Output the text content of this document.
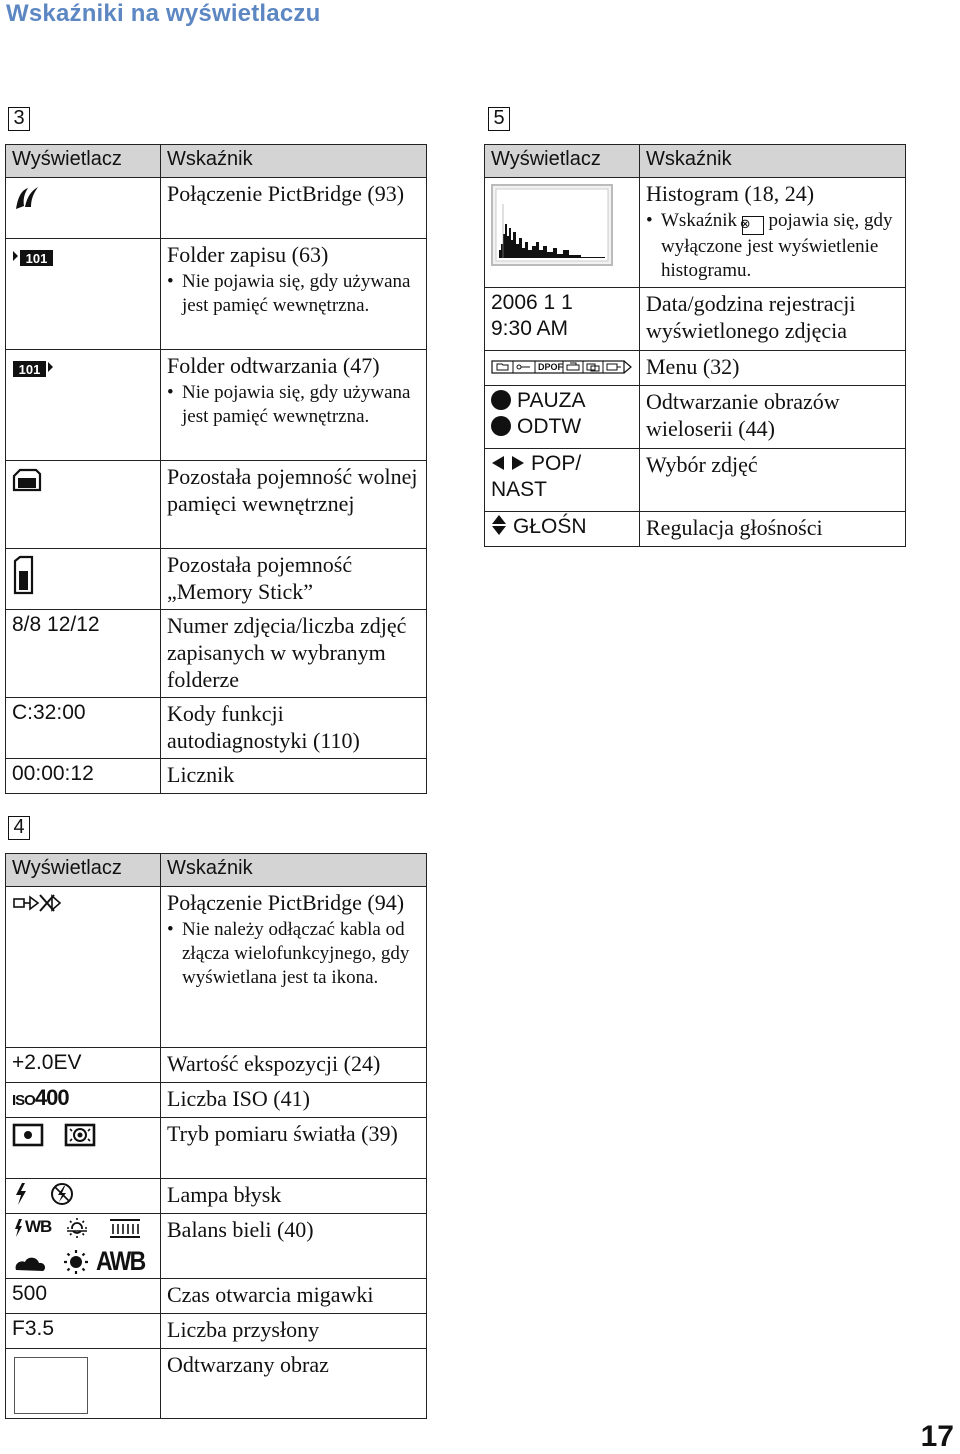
Wskaźniki na wyświetlaczu
3
Wyświetlacz	Wskaźnik
	Połączenie PictBridge (93)

101	Folder zapisu (63)
• Nie pojawia się, gdy używana jest pamięć wewnętrzna.

101	Folder odtwarzania (47)
• Nie pojawia się, gdy używana jest pamięć wewnętrzna.

	Pozostała pojemność wolnej pamięci wewnętrznej
	Pozostała pojemność „Memory Stick”
8/8 12/12	Numer zdjęcia/liczba zdjęć zapisanych w wybranym folderze
C:32:00	Kody funkcji autodiagnostyki (110)
00:00:12	Licznik
4
Wyświetlacz	Wskaźnik

Połączenie PictBridge (94)
• Nie należy odłączać kabla od złącza wielofunkcyjnego, gdy wyświetlana jest ta ikona.

+2.0EV	Wartość ekspozycji (24)
ISO400	Liczba ISO (41)
	Tryb pomiaru światła (39)
	Lampa błysk

WB
AWB	Balans bieli (40)
500	Czas otwarcia migawki
F3.5	Liczba przysłony

	Odtwarzany obraz
5
Wyświetlacz	Wskaźnik

Histogram (18, 24)
• Wskaźnik ⊗ pojawia się, gdy wyłączone jest wyświetlenie histogramu.

2006 1 1
9:30 AM	Data/godzina rejestracji wyświetlonego zdjęcia

DPOF	Menu (32)

PAUZA
ODTW	Odtwarzanie obrazów wieloserii (44)

POP/
NAST	Wybór zdjęć
GŁOŚN	Regulacja głośności
17
